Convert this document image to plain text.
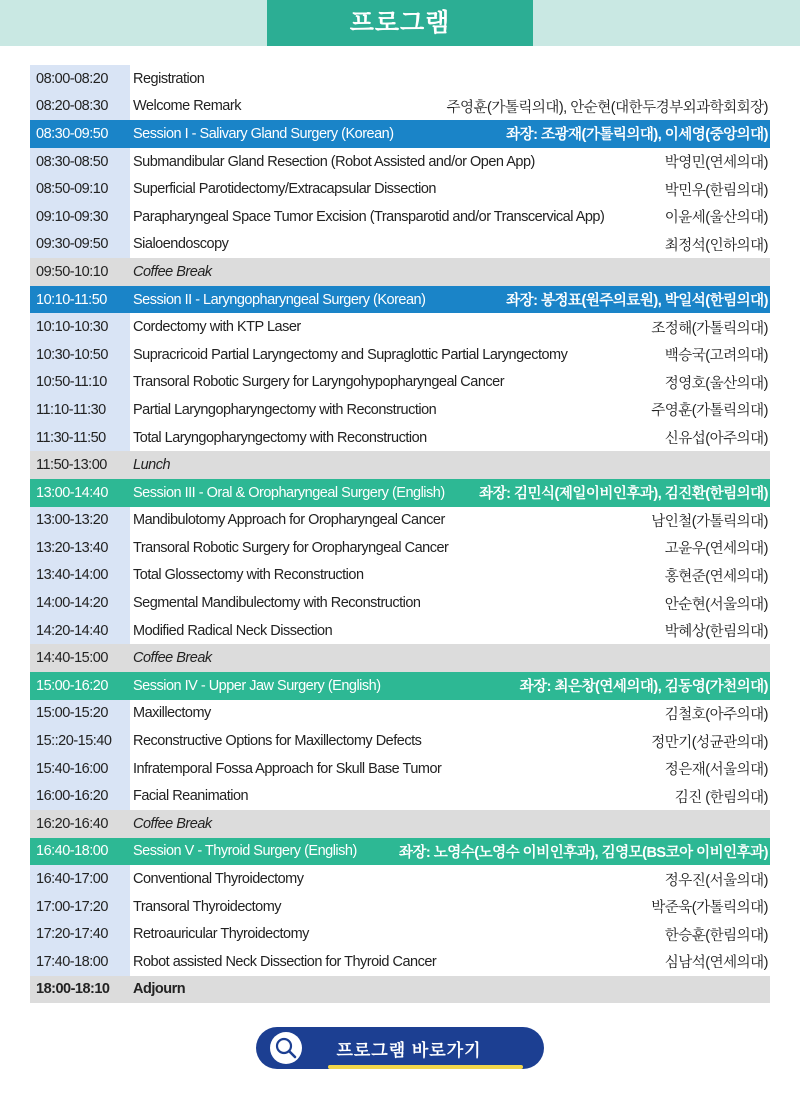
프로그램
08:00-08:20	Registration
08:20-08:30	Welcome Remark	주영훈(가톨릭의대), 안순현(대한두경부외과학회회장)
08:30-09:50	Session I - Salivary Gland Surgery (Korean)	좌장: 조광재(가톨릭의대), 이세영(중앙의대)
08:30-08:50	Submandibular Gland Resection (Robot Assisted and/or Open App)	박영민(연세의대)
08:50-09:10	Superficial Parotidectomy/Extracapsular Dissection	박민우(한림의대)
09:10-09:30	Parapharyngeal Space Tumor Excision (Transparotid and/or Transcervical App)	이윤세(울산의대)
09:30-09:50	Sialoendoscopy	최정석(인하의대)
09:50-10:10	Coffee Break
10:10-11:50	Session II - Laryngopharyngeal Surgery (Korean)	좌장: 봉정표(원주의료원), 박일석(한림의대)
10:10-10:30	Cordectomy with KTP Laser	조정해(가톨릭의대)
10:30-10:50	Supracricoid Partial Laryngectomy and Supraglottic Partial Laryngectomy	백승국(고려의대)
10:50-11:10	Transoral Robotic Surgery for Laryngohypopharyngeal Cancer	정영호(울산의대)
11:10-11:30	Partial Laryngopharyngectomy with Reconstruction	주영훈(가톨릭의대)
11:30-11:50	Total Laryngopharyngectomy with Reconstruction	신유섭(아주의대)
11:50-13:00	Lunch
13:00-14:40	Session III - Oral & Oropharyngeal Surgery (English)	좌장: 김민식(제일이비인후과), 김진환(한림의대)
13:00-13:20	Mandibulotomy Approach for Oropharyngeal Cancer	남인철(가톨릭의대)
13:20-13:40	Transoral Robotic Surgery for Oropharyngeal Cancer	고윤우(연세의대)
13:40-14:00	Total Glossectomy with Reconstruction	홍현준(연세의대)
14:00-14:20	Segmental Mandibulectomy with Reconstruction	안순현(서울의대)
14:20-14:40	Modified Radical Neck Dissection	박혜상(한림의대)
14:40-15:00	Coffee Break
15:00-16:20	Session IV - Upper Jaw Surgery (English)	좌장: 최은창(연세의대), 김동영(가천의대)
15:00-15:20	Maxillectomy	김철호(아주의대)
15::20-15:40	Reconstructive Options for Maxillectomy Defects	정만기(성균관의대)
15:40-16:00	Infratemporal Fossa Approach for Skull Base Tumor	정은재(서울의대)
16:00-16:20	Facial Reanimation	김진 (한림의대)
16:20-16:40	Coffee Break
16:40-18:00	Session V - Thyroid Surgery (English)	좌장: 노영수(노영수 이비인후과), 김영모(BS코아 이비인후과)
16:40-17:00	Conventional Thyroidectomy	정우진(서울의대)
17:00-17:20	Transoral Thyroidectomy	박준욱(가톨릭의대)
17:20-17:40	Retroauricular Thyroidectomy	한승훈(한림의대)
17:40-18:00	Robot assisted Neck Dissection for Thyroid Cancer	심남석(연세의대)
18:00-18:10	Adjourn
프로그램 바로가기
